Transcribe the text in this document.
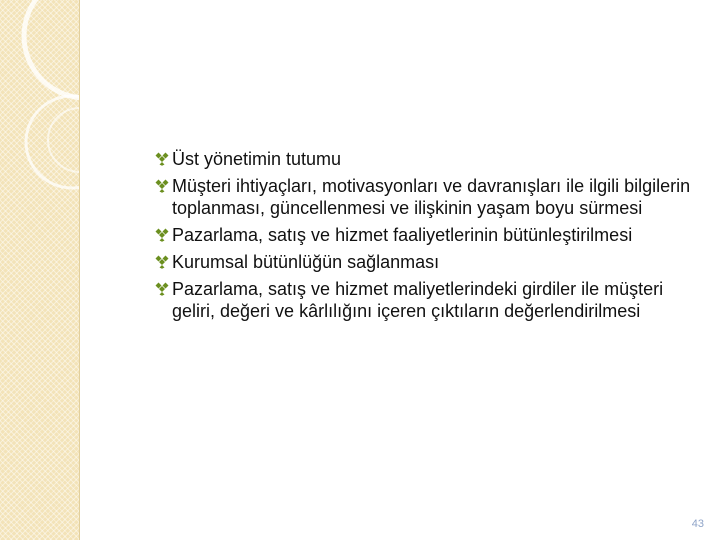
Üst yönetimin tutumu
Müşteri ihtiyaçları, motivasyonları ve davranışları ile ilgili bilgilerin toplanması, güncellenmesi ve ilişkinin yaşam boyu sürmesi
Pazarlama, satış ve hizmet faaliyetlerinin bütünleştirilmesi
Kurumsal bütünlüğün sağlanması
Pazarlama, satış ve hizmet maliyetlerindeki girdiler ile müşteri geliri, değeri ve kârlılığını içeren çıktıların değerlendirilmesi
43
